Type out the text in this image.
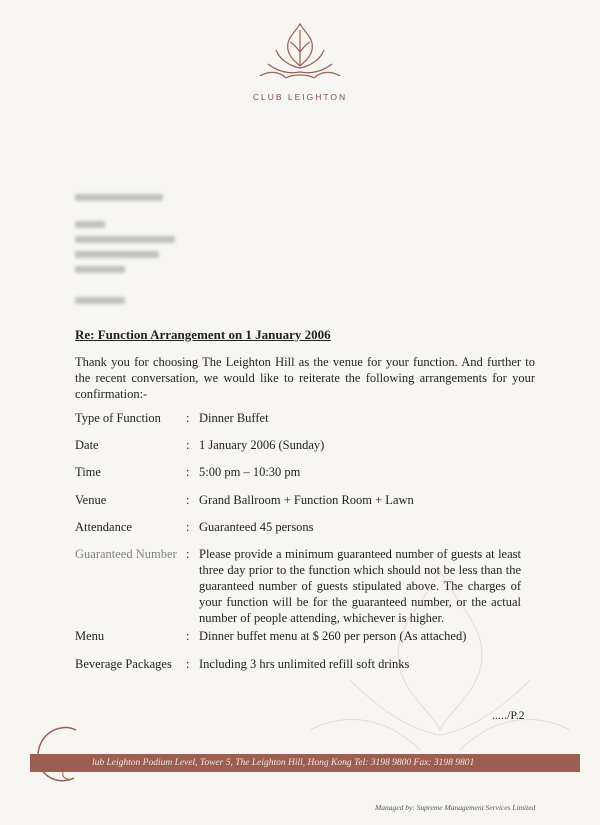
CLUB LEIGHTON
Re: Function Arrangement on 1 January 2006
Thank you for choosing The Leighton Hill as the venue for your function. And further to the recent conversation, we would like to reiterate the following arrangements for your confirmation:-
Type of Function	: Dinner Buffet
Date	: 1 January 2006 (Sunday)
Time	: 5:00 pm – 10:30 pm
Venue	: Grand Ballroom + Function Room + Lawn
Attendance	: Guaranteed 45 persons
Guaranteed Number : Please provide a minimum guaranteed number of guests at least three day prior to the function which should not be less than the guaranteed number of guests stipulated above. The charges of your function will be for the guaranteed number, or the actual number of people attending, whichever is higher.
Menu	: Dinner buffet menu at $ 260 per person (As attached)
Beverage Packages	: Including 3 hrs unlimited refill soft drinks
...../P.2
lub Leighton Podium Level, Tower 5, The Leighton Hill, Hong Kong Tel: 3198 9800 Fax: 3198 9801
Managed by: Supreme Management Services Limited
